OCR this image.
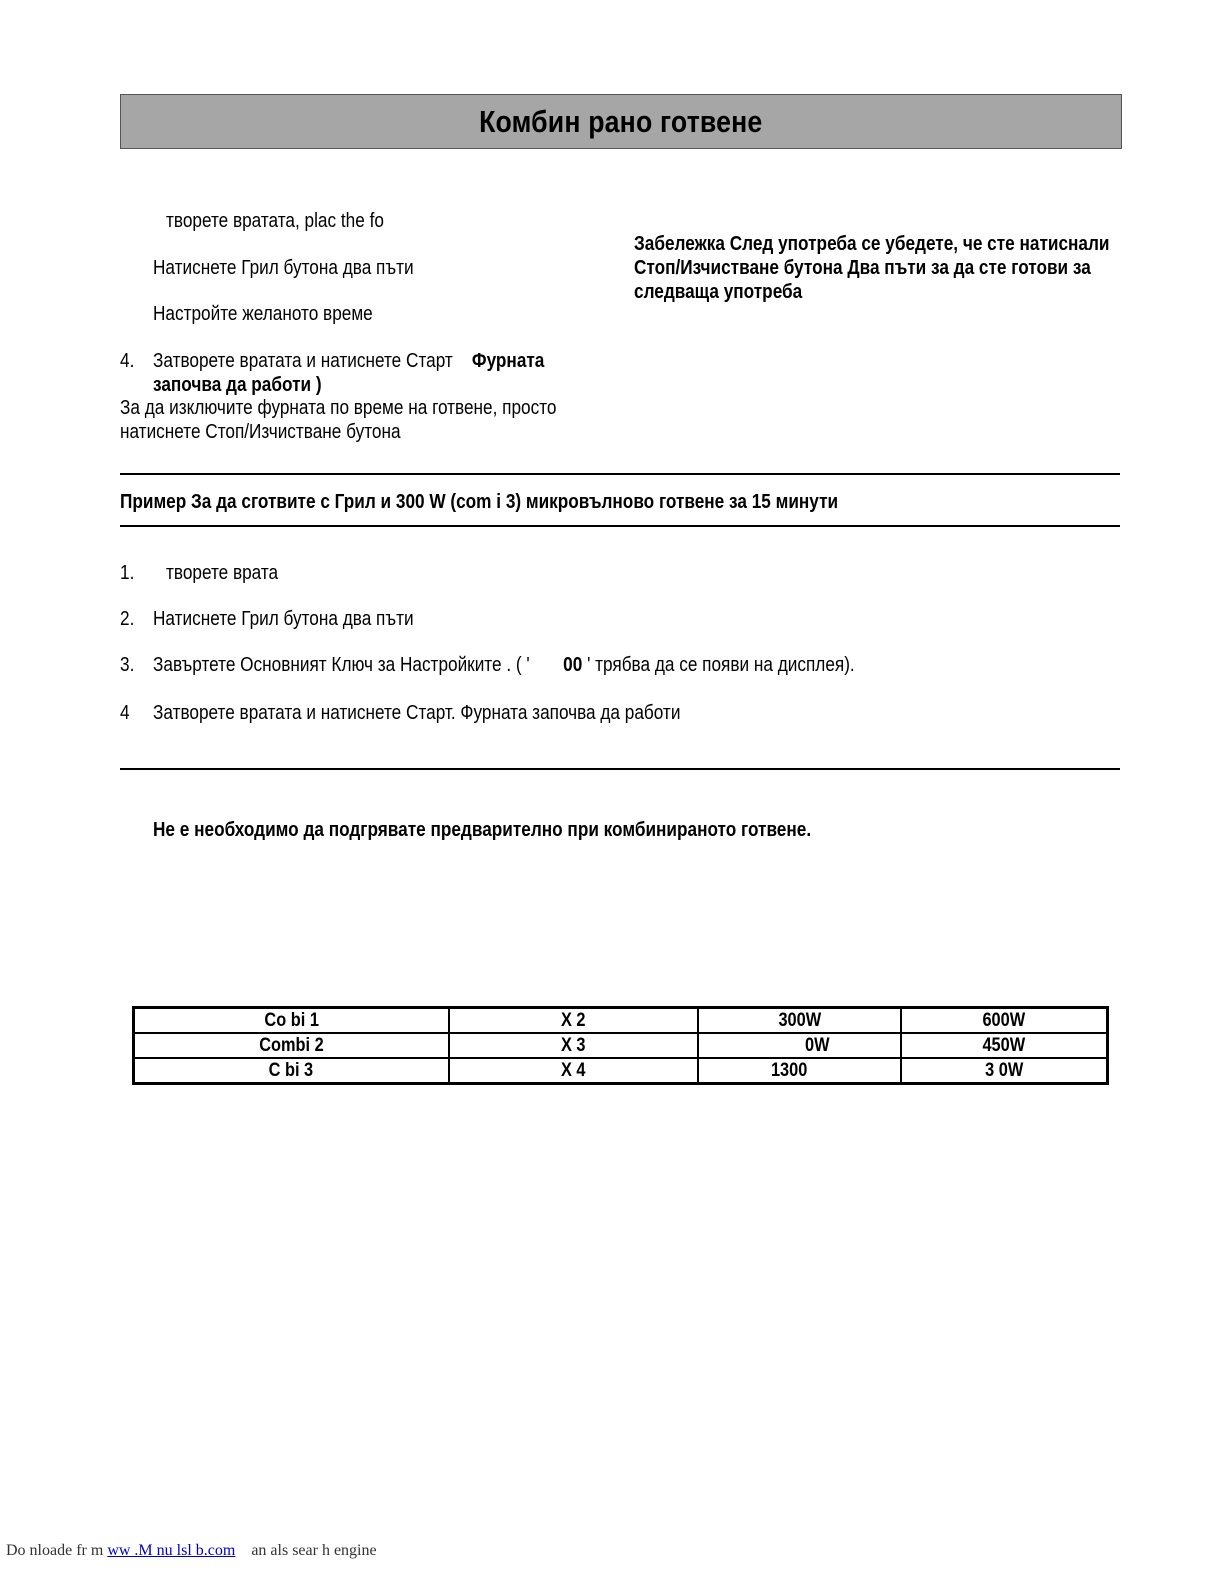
Комбин рано готвене
творете вратата, plac the fo
Натиснете Грил бутона два пъти
Настройте желаното време
4. Затворете вратата и натиснете Старт Фурната
започва да работи )
За да изключите фурната по време на готвене, просто
натиснете Стоп/Изчистване бутона
Забележка След употреба се убедете, че сте натиснали
Стоп/Изчистване бутона Два пъти за да сте готови за
следваща употреба
Пример За да сготвите с Грил и 300 W (com i 3) микровълново готвене за 15 минути
1. творете врата
2. Натиснете Грил бутона два пъти
3. Завъртете Основният Ключ за Настройките . ( ' 00 ' трябва да се появи на дисплея).
4 Затворете вратата и натиснете Старт. Фурната започва да работи
Не е необходимо да подгрявате предварително при комбинираното готвене.
Co bi 1	X 2	300W	600W
Combi 2	X 3	0W	450W
C bi 3	X 4	1300	3 0W
Do nloade fr m ww .M nu lsl b.com an als sear h engine
